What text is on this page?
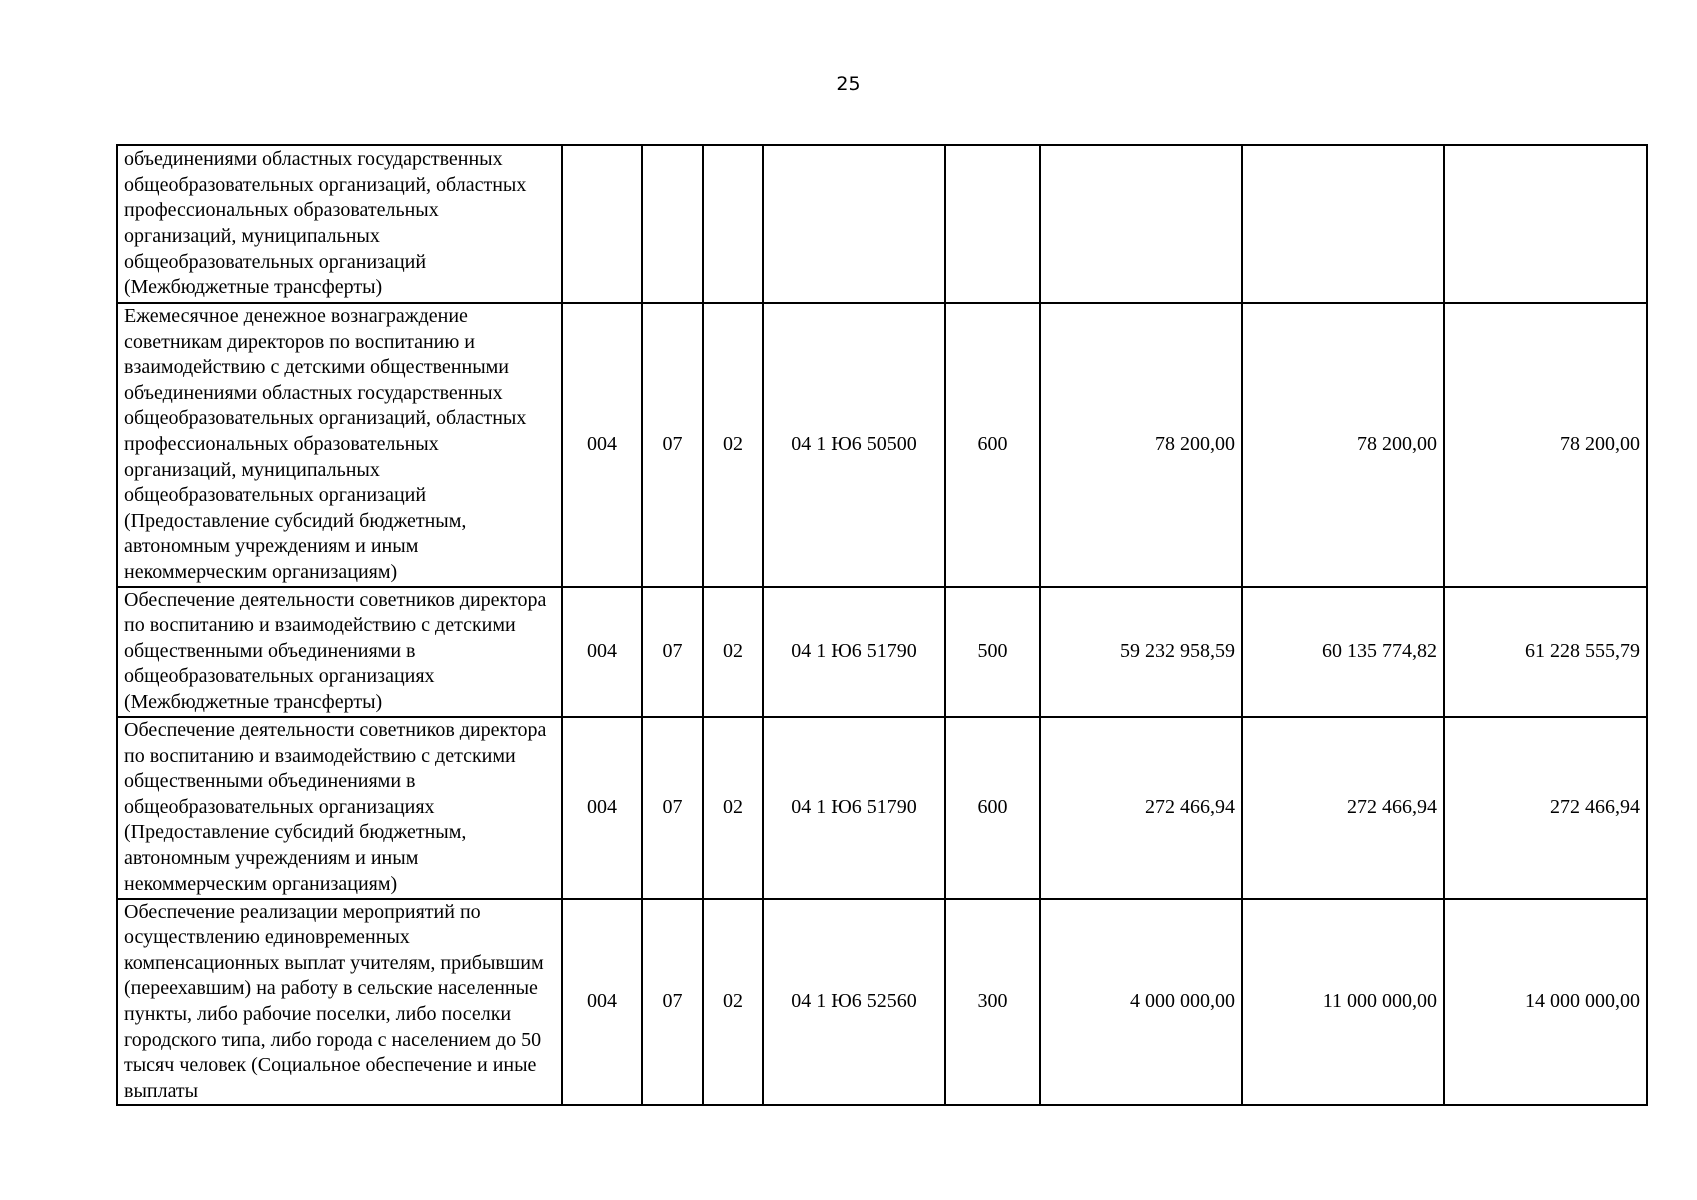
25
объединениями областных государственных общеобразовательных организаций, областных профессиональных образовательных организаций, муниципальных общеобразовательных организаций (Межбюджетные трансферты)								
Ежемесячное денежное вознаграждение советникам директоров по воспитанию и взаимодействию с детскими общественными объединениями областных государственных общеобразовательных организаций, областных профессиональных образовательных организаций, муниципальных общеобразовательных организаций (Предоставление субсидий бюджетным, автономным учреждениям и иным некоммерческим организациям)	004	07	02	04 1 Ю6 50500	600	78 200,00	78 200,00	78 200,00
Обеспечение деятельности советников директора по воспитанию и взаимодействию с детскими общественными объединениями в общеобразовательных организациях (Межбюджетные трансферты)	004	07	02	04 1 Ю6 51790	500	59 232 958,59	60 135 774,82	61 228 555,79
Обеспечение деятельности советников директора по воспитанию и взаимодействию с детскими общественными объединениями в общеобразовательных организациях (Предоставление субсидий бюджетным, автономным учреждениям и иным некоммерческим организациям)	004	07	02	04 1 Ю6 51790	600	272 466,94	272 466,94	272 466,94
Обеспечение реализации мероприятий по осуществлению единовременных компенсационных выплат учителям, прибывшим (переехавшим) на работу в сельские населенные пункты, либо рабочие поселки, либо поселки городского типа, либо города с населением до 50 тысяч человек (Социальное обеспечение и иные выплаты	004	07	02	04 1 Ю6 52560	300	4 000 000,00	11 000 000,00	14 000 000,00
